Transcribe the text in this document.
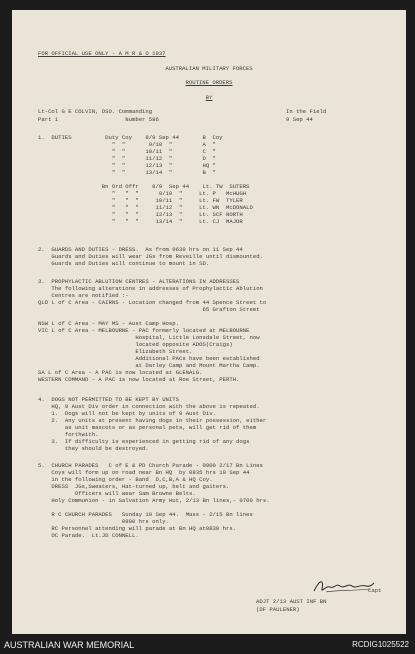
FOR OFFICIAL USE ONLY - A M R & O 1937
AUSTRALIAN MILITARY FORCES
ROUTINE ORDERS
BY
Lt-Col G E COLVIN, DSO. Commanding
Part 1                    Number 586
In the Field
9 Sep 44
1.  DUTIES          Duty Coy    8/9 Sep 44       B  Coy
"  "       9/10  "         A  "
"  "      10/11  "         C  "
"  "      11/12  "         D  "
"  "      12/13  "         HQ "
"  "      13/14  "         B  "
Bn Ord Offr    8/9  Sep 44    Lt. TW  SUTERS
"   "  "      9/10  "     Lt. P   McHUGH
"   "  "     10/11  "     Lt. FW  TYLER
"   "  "     11/12  "     Lt. WN  McDONALD
"   "  "     12/13  "     Lt. SCF NORTH
"   "  "     13/14  "     Lt. CJ  MAJOR
2.  GUARDS AND DUTIES - DRESS.  As from 0630 hrs on 11 Sep 44
Guards and Duties will wear JGs from Reveille until dismounted.
Guards and Duties will continue to mount in SD.
3.  PROPHYLACTIC ABLUTION CENTRES - ALTERATIONS IN ADDRESSES
The following alterations in addresses of Prophylactic Ablution
Centres are notified :-
QLD L of C Area - CAIRNS - Location changed from 44 Spence Street to
65 Grafton Street
NSW L of C Area - MAY MS - Aust Camp Hosp.
VIC L of C Area - MELBOURNE - PAC formerly located at MELBOURNE
Hospital, Little Lonsdale Street, now
located opposite ADOS(Craigs)
Elizabeth Street.
Additional PACs have been established
at Darley Camp and Mount Martha Camp.
SA L of C Area - A PAC is now located at GLENALG.
WESTERN COMMAND - A PAC is now located at Roe Street, PERTH.
4.  DOGS NOT PERMITTED TO BE KEPT BY UNITS
HQ, 9 Aust Div order in connection with the above is repeated.
1.  Dogs will not be kept by units of 9 Aust Div.
2.  Any units at present having dogs in their possession, either
as unit mascots or as personal pets, will get rid of them
forthwith.
3.  If difficulty is experienced in getting rid of any dogs
they should be destroyed.
5.  CHURCH PARADES   C of E & PD Church Parade - 0900 2/17 Bn Lines
Coys will form up on road near Bn HQ  by 0835 hrs 10 Sep 44
in the following order - Band  D,C,B,A & HQ Coy.
DRESS  JGs,Sweaters, Hat-turned up, belt and gaiters.
Officers will wear Sam Browne Belts.
Holy Communion - in Salvation Army Hut, 2/13 Bn lines,- 0700 hrs.
R C CHURCH PARADES   Sunday 10 Sep 44.  Mass - 2/15 Bn lines
0900 hrs only.
RC Personnel attending will parade at Bn HQ at0830 hrs.
OC Parade.  Lt.JD CONNELL.
Capt
ADJT 2/13 AUST INF BN
(DF PAULENER)
AUSTRALIAN WAR MEMORIAL	RCDIG1025522
